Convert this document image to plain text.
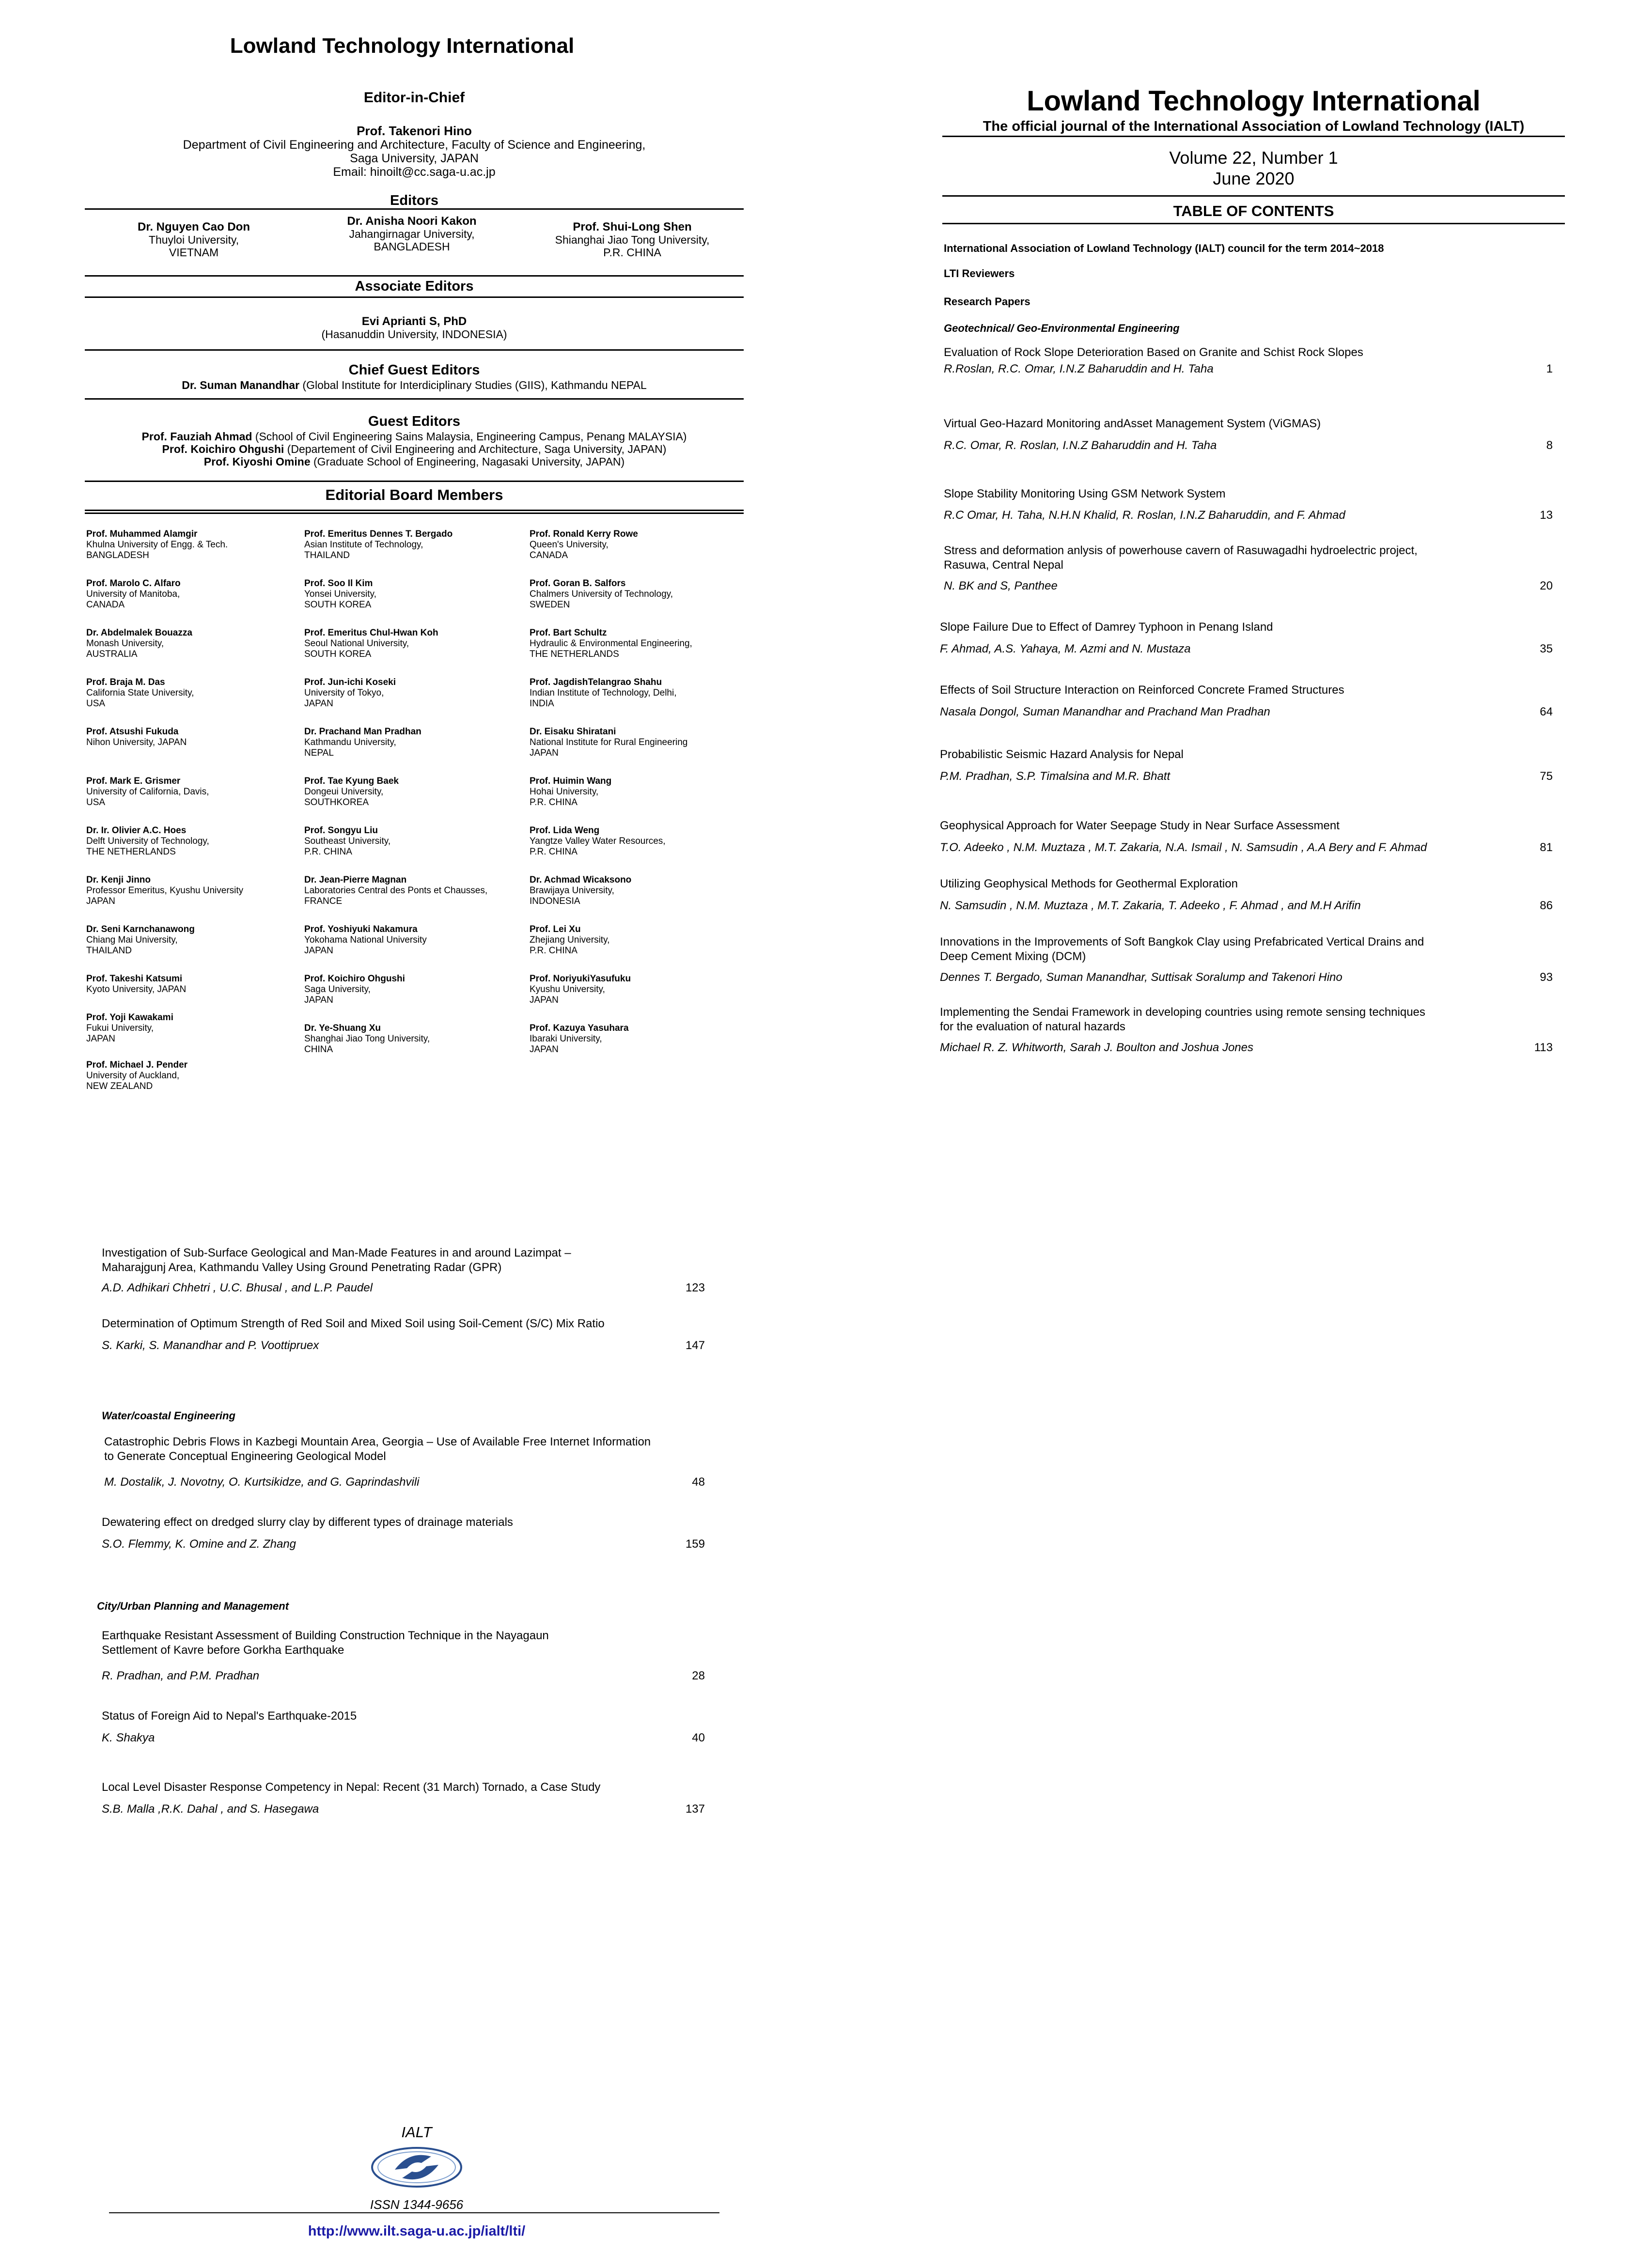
Lowland Technology International
Editor-in-Chief
Prof. Takenori Hino
Department of Civil Engineering and Architecture, Faculty of Science and Engineering,
Saga University, JAPAN
Email: hinoilt@cc.saga-u.ac.jp
Editors
Dr. Nguyen Cao Don
Thuyloi University,
VIETNAM
Dr. Anisha Noori Kakon
Jahangirnagar University,
BANGLADESH
Prof. Shui-Long Shen
Shianghai Jiao Tong University,
P.R. CHINA
Associate Editors
Evi Aprianti S, PhD
(Hasanuddin University, INDONESIA)
Chief Guest Editors
Dr. Suman Manandhar (Global Institute for Interdiciplinary Studies (GIIS), Kathmandu NEPAL
Guest Editors
Prof. Fauziah Ahmad (School of Civil Engineering Sains Malaysia, Engineering Campus, Penang MALAYSIA)
Prof. Koichiro Ohgushi (Departement of Civil Engineering and Architecture, Saga University, JAPAN)
Prof. Kiyoshi Omine (Graduate School of Engineering, Nagasaki University, JAPAN)
Editorial Board Members
Prof. Muhammed Alamgir
Khulna University of Engg. & Tech.
BANGLADESH
Prof. Marolo C. Alfaro
University of Manitoba,
CANADA
Dr. Abdelmalek Bouazza
Monash University,
AUSTRALIA
Prof. Braja M. Das
California State University,
USA
Prof. Atsushi Fukuda
Nihon University, JAPAN
Prof. Mark E. Grismer
University of California, Davis,
USA
Dr. Ir. Olivier A.C. Hoes
Delft University of Technology,
THE NETHERLANDS
Dr. Kenji Jinno
Professor Emeritus, Kyushu University
JAPAN
Dr. Seni Karnchanawong
Chiang Mai University,
THAILAND
Prof. Takeshi Katsumi
Kyoto University, JAPAN
Prof. Yoji Kawakami
Fukui University,
JAPAN
Prof. Michael J. Pender
University of Auckland,
NEW ZEALAND
Prof. Emeritus Dennes T. Bergado
Asian Institute of Technology,
THAILAND
Prof. Soo Il Kim
Yonsei University,
SOUTH KOREA
Prof. Emeritus Chul-Hwan Koh
Seoul National University,
SOUTH KOREA
Prof. Jun-ichi Koseki
University of Tokyo,
JAPAN
Dr. Prachand Man Pradhan
Kathmandu University,
NEPAL
Prof. Tae Kyung Baek
Dongeui University,
SOUTHKOREA
Prof. Songyu Liu
Southeast University,
P.R. CHINA
Dr. Jean-Pierre Magnan
Laboratories Central des Ponts et Chausses,
FRANCE
Prof. Yoshiyuki Nakamura
Yokohama National University
JAPAN
Prof. Koichiro Ohgushi
Saga University,
JAPAN
Dr. Ye-Shuang Xu
Shanghai Jiao Tong University,
CHINA
Prof. Ronald Kerry Rowe
Queen's University,
CANADA
Prof. Goran B. Salfors
Chalmers University of Technology,
SWEDEN
Prof. Bart Schultz
Hydraulic & Environmental Engineering,
THE NETHERLANDS
Prof. JagdishTelangrao Shahu
Indian Institute of Technology, Delhi,
INDIA
Dr. Eisaku Shiratani
National Institute for Rural Engineering
JAPAN
Prof. Huimin Wang
Hohai University,
P.R. CHINA
Prof. Lida Weng
Yangtze Valley Water Resources,
P.R. CHINA
Dr. Achmad Wicaksono
Brawijaya University,
INDONESIA
Prof. Lei Xu
Zhejiang University,
P.R. CHINA
Prof. NoriyukiYasufuku
Kyushu University,
JAPAN
Prof. Kazuya Yasuhara
Ibaraki University,
JAPAN
Investigation of Sub-Surface Geological and Man-Made Features in and around Lazimpat –
Maharajgunj Area, Kathmandu Valley Using Ground Penetrating Radar (GPR)
A.D. Adhikari Chhetri , U.C. Bhusal , and L.P. Paudel	123
Determination of Optimum Strength of Red Soil and Mixed Soil using Soil-Cement (S/C) Mix Ratio
S. Karki, S. Manandhar and P. Voottipruex	147
Water/coastal Engineering
Catastrophic Debris Flows in Kazbegi Mountain Area, Georgia – Use of Available Free Internet Information
to Generate Conceptual Engineering Geological Model
M. Dostalik, J. Novotny, O. Kurtsikidze, and G. Gaprindashvili	48
Dewatering effect on dredged slurry clay by different types of drainage materials
S.O. Flemmy, K. Omine and Z. Zhang	159
City/Urban Planning and Management
Earthquake Resistant Assessment of Building Construction Technique in the Nayagaun
Settlement of Kavre before Gorkha Earthquake
R. Pradhan, and P.M. Pradhan	28
Status of Foreign Aid to Nepal's Earthquake-2015
K. Shakya	40
Local Level Disaster Response Competency in Nepal: Recent (31 March) Tornado, a Case Study
S.B. Malla ,R.K. Dahal , and S. Hasegawa	137
IALT
ISSN 1344-9656
http://www.ilt.saga-u.ac.jp/ialt/lti/
Lowland Technology International
The official journal of the International Association of Lowland Technology (IALT)
Volume 22, Number 1
June 2020
TABLE OF CONTENTS
International Association of Lowland Technology (IALT) council for the term 2014~2018
LTI Reviewers
Research Papers
Geotechnical/ Geo-Environmental Engineering
Evaluation of Rock Slope Deterioration Based on Granite and Schist Rock Slopes
R.Roslan, R.C. Omar, I.N.Z Baharuddin and H. Taha	1
Virtual Geo-Hazard Monitoring andAsset Management System (ViGMAS)
R.C. Omar, R. Roslan, I.N.Z Baharuddin and H. Taha	8
Slope Stability Monitoring Using GSM Network System
R.C Omar, H. Taha, N.H.N Khalid, R. Roslan, I.N.Z Baharuddin, and F. Ahmad	13
Stress and deformation anlysis of powerhouse cavern of Rasuwagadhi hydroelectric project,
Rasuwa, Central Nepal
N. BK and S, Panthee	20
Slope Failure Due to Effect of Damrey Typhoon in Penang Island
F. Ahmad, A.S. Yahaya, M. Azmi and N. Mustaza	35
Effects of Soil Structure Interaction on Reinforced Concrete Framed Structures
Nasala Dongol, Suman Manandhar and Prachand Man Pradhan	64
Probabilistic Seismic Hazard Analysis for Nepal
P.M. Pradhan, S.P. Timalsina and M.R. Bhatt	75
Geophysical Approach for Water Seepage Study in Near Surface Assessment
T.O. Adeeko , N.M. Muztaza , M.T. Zakaria, N.A. Ismail , N. Samsudin , A.A Bery and F. Ahmad	81
Utilizing Geophysical Methods for Geothermal Exploration
N. Samsudin , N.M. Muztaza , M.T. Zakaria, T. Adeeko , F. Ahmad , and M.H Arifin	86
Innovations in the Improvements of Soft Bangkok Clay using Prefabricated Vertical Drains and
Deep Cement Mixing (DCM)
Dennes T. Bergado, Suman Manandhar, Suttisak Soralump and Takenori Hino	93
Implementing the Sendai Framework in developing countries using remote sensing techniques
for the evaluation of natural hazards
Michael R. Z. Whitworth, Sarah J. Boulton and Joshua Jones	113
